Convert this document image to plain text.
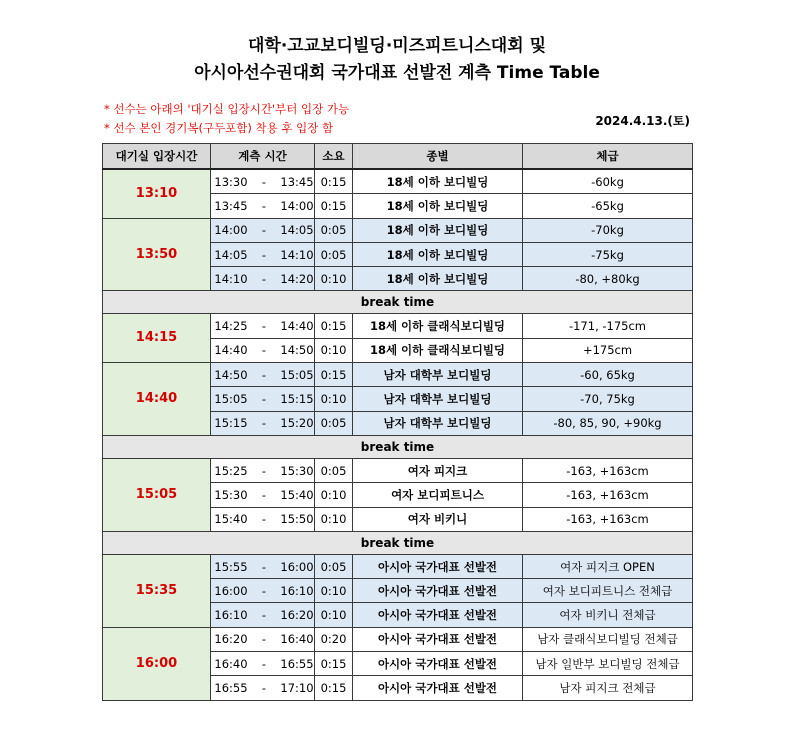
대학·고교보디빌딩·미즈피트니스대회 및
아시아선수권대회 국가대표 선발전 계측 Time Table
* 선수는 아래의 '대기실 입장시간'부터 입장 가능
* 선수 본인 경기복(구두포함) 착용 후 입장 함	2024.4.13.(토)
대기실 입장시간	계측 시간	소요	종별	체급
13:10	13:30 - 13:45	0:15	18세 이하 보디빌딩	-60kg
	13:45 - 14:00	0:15	18세 이하 보디빌딩	-65kg
13:50	14:00 - 14:05	0:05	18세 이하 보디빌딩	-70kg
	14:05 - 14:10	0:05	18세 이하 보디빌딩	-75kg
	14:10 - 14:20	0:10	18세 이하 보디빌딩	-80, +80kg
break time				
14:15	14:25 - 14:40	0:15	18세 이하 클래식보디빌딩	-171, -175cm
	14:40 - 14:50	0:10	18세 이하 클래식보디빌딩	+175cm
14:40	14:50 - 15:05	0:15	남자 대학부 보디빌딩	-60, 65kg
	15:05 - 15:15	0:10	남자 대학부 보디빌딩	-70, 75kg
	15:15 - 15:20	0:05	남자 대학부 보디빌딩	-80, 85, 90, +90kg
break time				
15:05	15:25 - 15:30	0:05	여자 피지크	-163, +163cm
	15:30 - 15:40	0:10	여자 보디피트니스	-163, +163cm
	15:40 - 15:50	0:10	여자 비키니	-163, +163cm
break time				
15:35	15:55 - 16:00	0:05	아시아 국가대표 선발전	여자 피지크 OPEN
	16:00 - 16:10	0:10	아시아 국가대표 선발전	여자 보디피트니스 전체급
	16:10 - 16:20	0:10	아시아 국가대표 선발전	여자 비키니 전체급
16:00	16:20 - 16:40	0:20	아시아 국가대표 선발전	남자 클래식보디빌딩 전체급
	16:40 - 16:55	0:15	아시아 국가대표 선발전	남자 일반부 보디빌딩 전체급
	16:55 - 17:10	0:15	아시아 국가대표 선발전	남자 피지크 전체급
